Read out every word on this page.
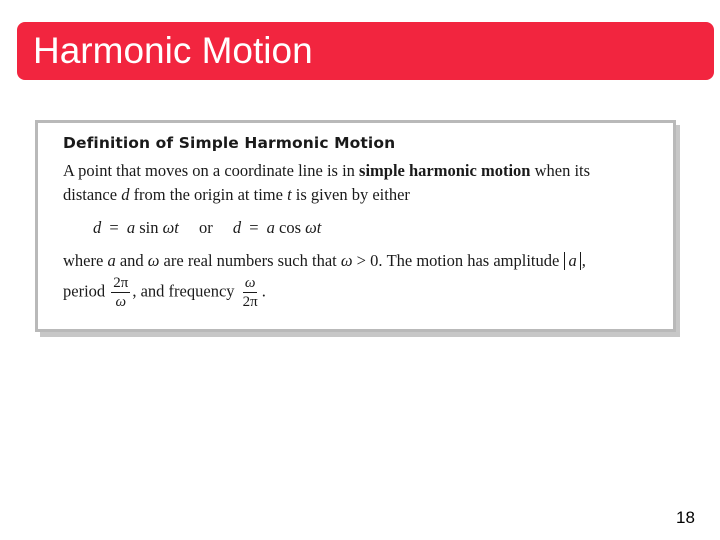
Harmonic Motion
Definition of Simple Harmonic Motion
A point that moves on a coordinate line is in simple harmonic motion when its
distance d from the origin at time t is given by either
d = a sin ωt or d = a cos ωt
where a and ω are real numbers such that ω > 0. The motion has amplitude a ,
period $\frac{2\pi}{\omega}$ , and frequency $\frac{\omega}{2\pi}$ .
18
